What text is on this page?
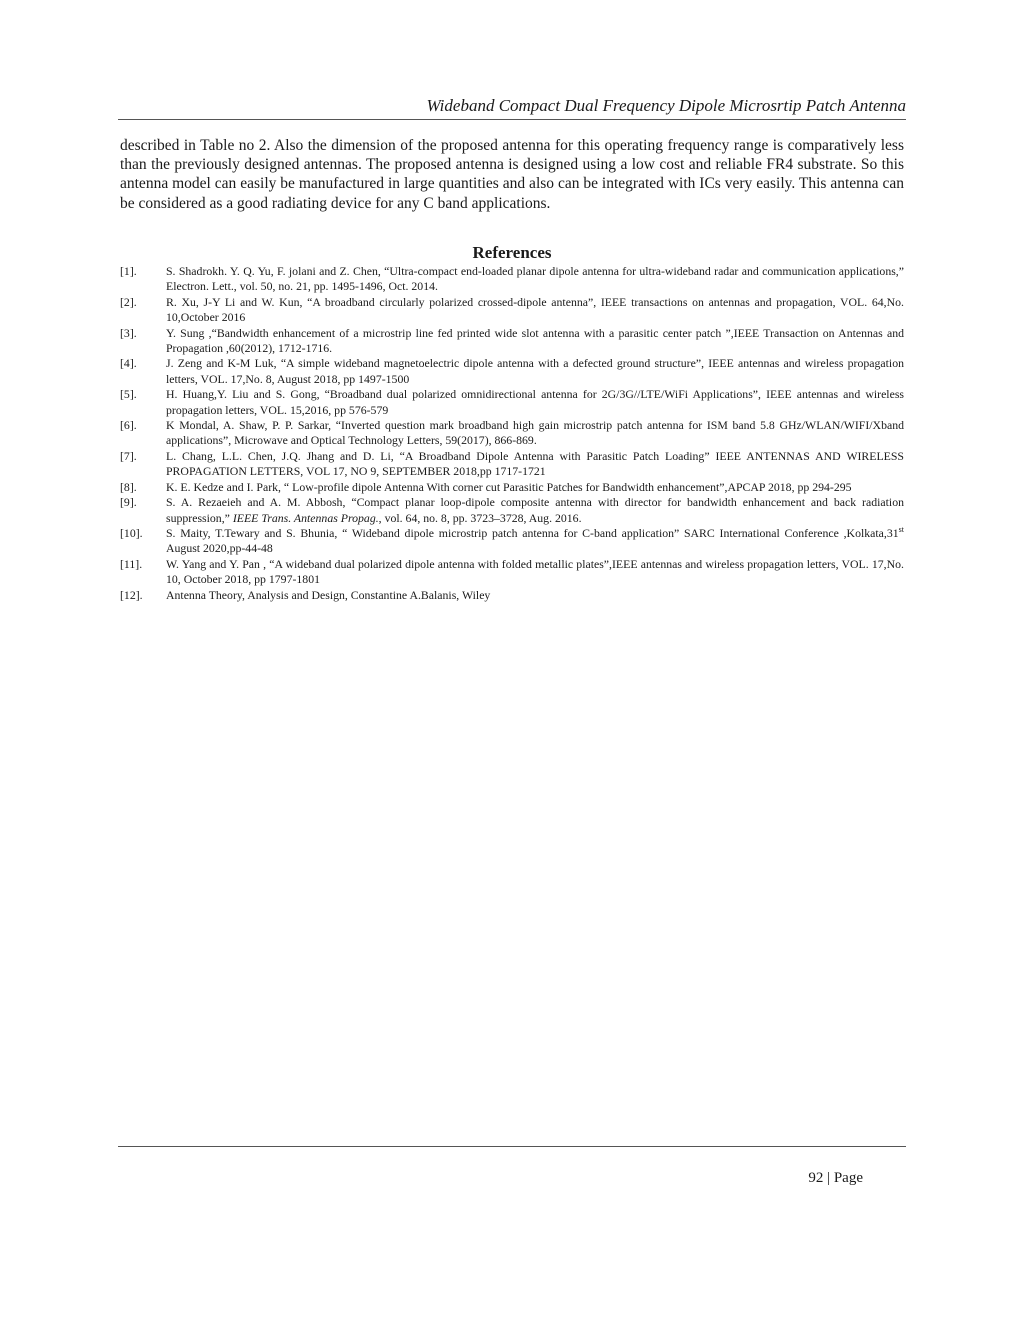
Wideband Compact Dual Frequency Dipole Microsrtip Patch Antenna

described in Table no 2. Also the dimension of the proposed antenna for this operating frequency range is comparatively less than the previously designed antennas. The proposed antenna is designed using a low cost and reliable FR4 substrate. So this antenna model can easily be manufactured in large quantities and also can be integrated with ICs very easily. This antenna can be considered as a good radiating device for any C band applications.

References
[1].	S. Shadrokh. Y. Q. Yu, F. jolani and Z. Chen, “Ultra-compact end-loaded planar dipole antenna for ultra-wideband radar and communication applications,” Electron. Lett., vol. 50, no. 21, pp. 1495-1496, Oct. 2014.
[2].	R. Xu, J-Y Li and W. Kun, “A broadband circularly polarized crossed-dipole antenna”, IEEE transactions on antennas and propagation, VOL. 64,No. 10,October 2016
[3].	Y. Sung ,“Bandwidth enhancement of a microstrip line fed printed wide slot antenna with a parasitic center patch ”,IEEE Transaction on Antennas and Propagation ,60(2012), 1712-1716.
[4].	J. Zeng and K-M Luk, “A simple wideband magnetoelectric dipole antenna with a defected ground structure”, IEEE antennas and wireless propagation letters, VOL. 17,No. 8, August 2018, pp 1497-1500
[5].	H. Huang,Y. Liu and S. Gong, “Broadband dual polarized omnidirectional antenna for 2G/3G//LTE/WiFi Applications”, IEEE antennas and wireless propagation letters, VOL. 15,2016, pp 576-579
[6].	K Mondal, A. Shaw, P. P. Sarkar, “Inverted question mark broadband high gain microstrip patch antenna for ISM band 5.8 GHz/WLAN/WIFI/Xband applications”, Microwave and Optical Technology Letters, 59(2017), 866-869.
[7].	L. Chang, L.L. Chen, J.Q. Jhang and D. Li, “A Broadband Dipole Antenna with Parasitic Patch Loading” IEEE ANTENNAS AND WIRELESS PROPAGATION LETTERS, VOL 17, NO 9, SEPTEMBER 2018,pp 1717-1721
[8].	K. E. Kedze and I. Park, “ Low-profile dipole Antenna With corner cut Parasitic Patches for Bandwidth enhancement”,APCAP 2018, pp 294-295
[9].	S. A. Rezaeieh and A. M. Abbosh, “Compact planar loop-dipole composite antenna with director for bandwidth enhancement and back radiation suppression,” IEEE Trans. Antennas Propag., vol. 64, no. 8, pp. 3723–3728, Aug. 2016.
[10].	S. Maity, T.Tewary and S. Bhunia, “ Wideband dipole microstrip patch antenna for C-band application” SARC International Conference ,Kolkata,31st August 2020,pp-44-48
[11].	W. Yang and Y. Pan , “A wideband dual polarized dipole antenna with folded metallic plates”,IEEE antennas and wireless propagation letters, VOL. 17,No. 10, October 2018, pp 1797-1801
[12].	Antenna Theory, Analysis and Design, Constantine A.Balanis, Wiley
92 | Page
